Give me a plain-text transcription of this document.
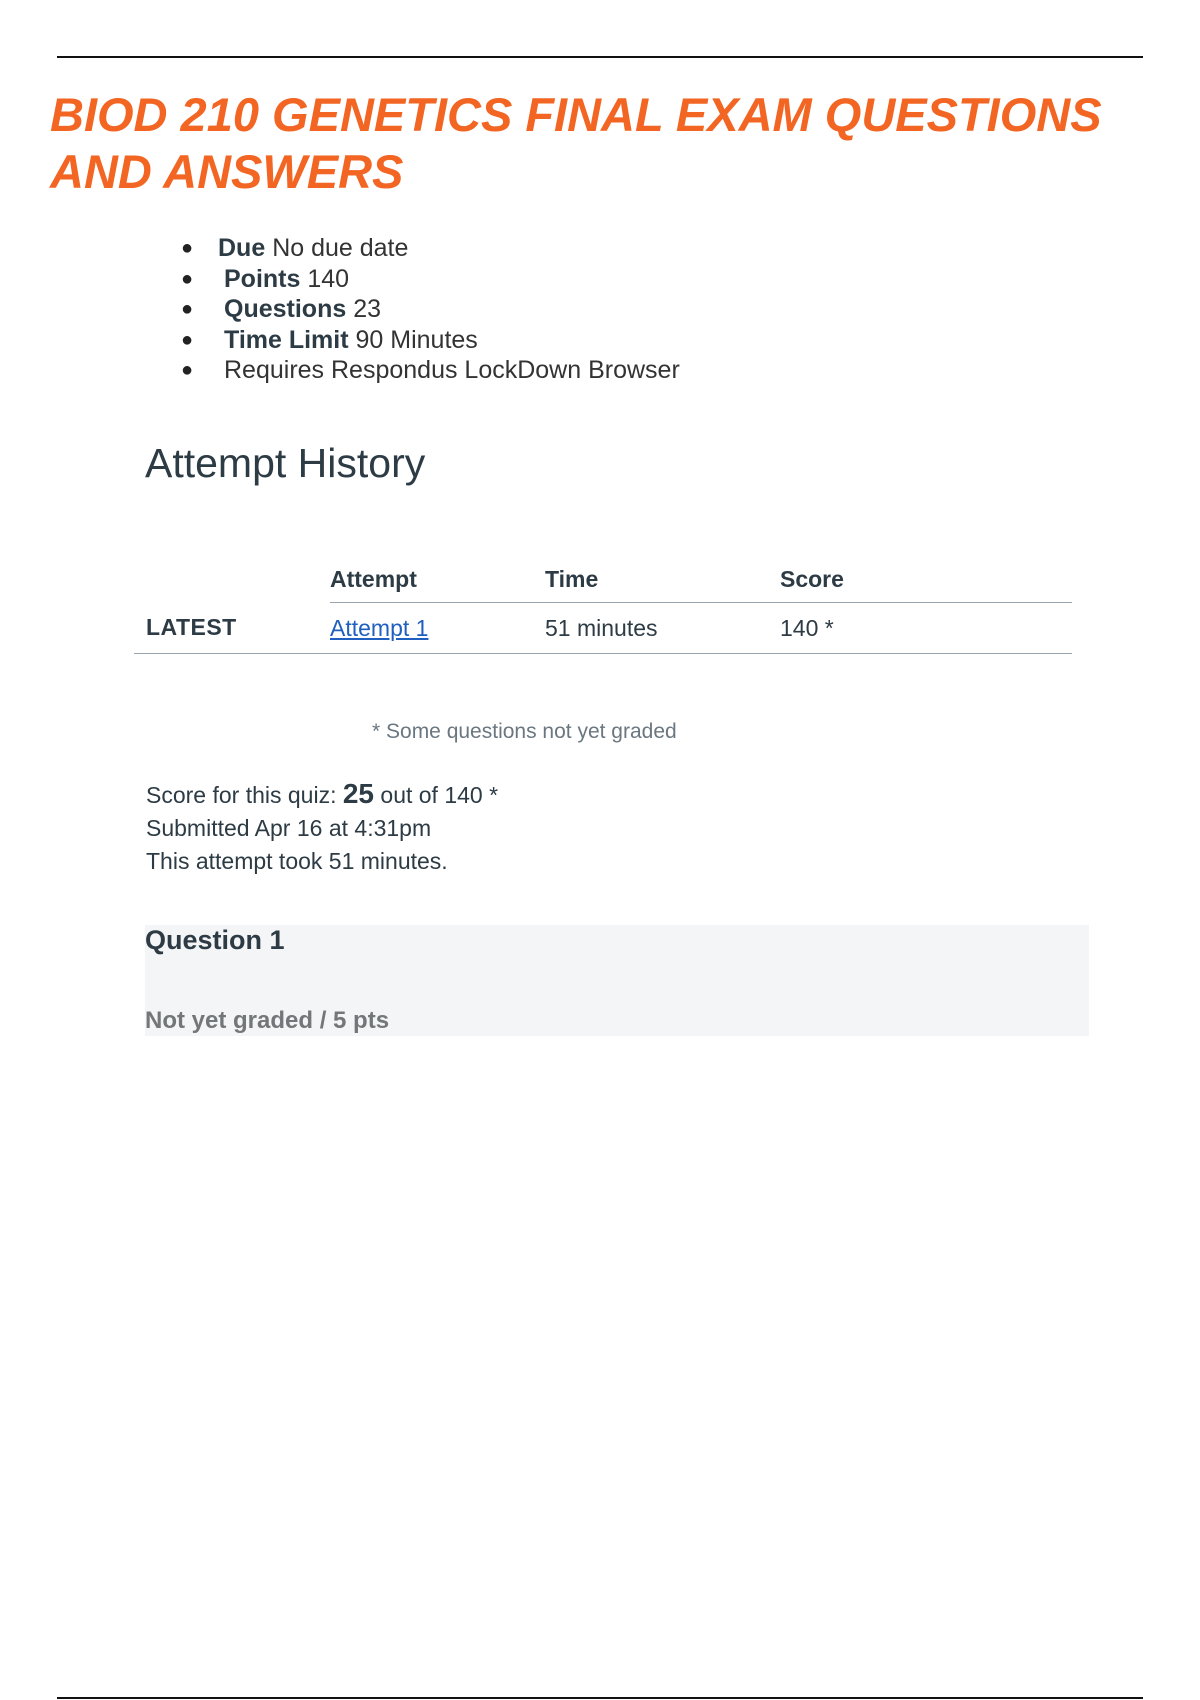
BIOD 210 GENETICS FINAL EXAM QUESTIONS AND ANSWERS
● Due No due date
● Points 140
● Questions 23
● Time Limit 90 Minutes
● Requires Respondus LockDown Browser
Attempt History
	Attempt	Time	Score
LATEST	Attempt 1	51 minutes	140 *
* Some questions not yet graded
Score for this quiz: 25 out of 140 *
Submitted Apr 16 at 4:31pm
This attempt took 51 minutes.
Question 1
Not yet graded / 5 pts
